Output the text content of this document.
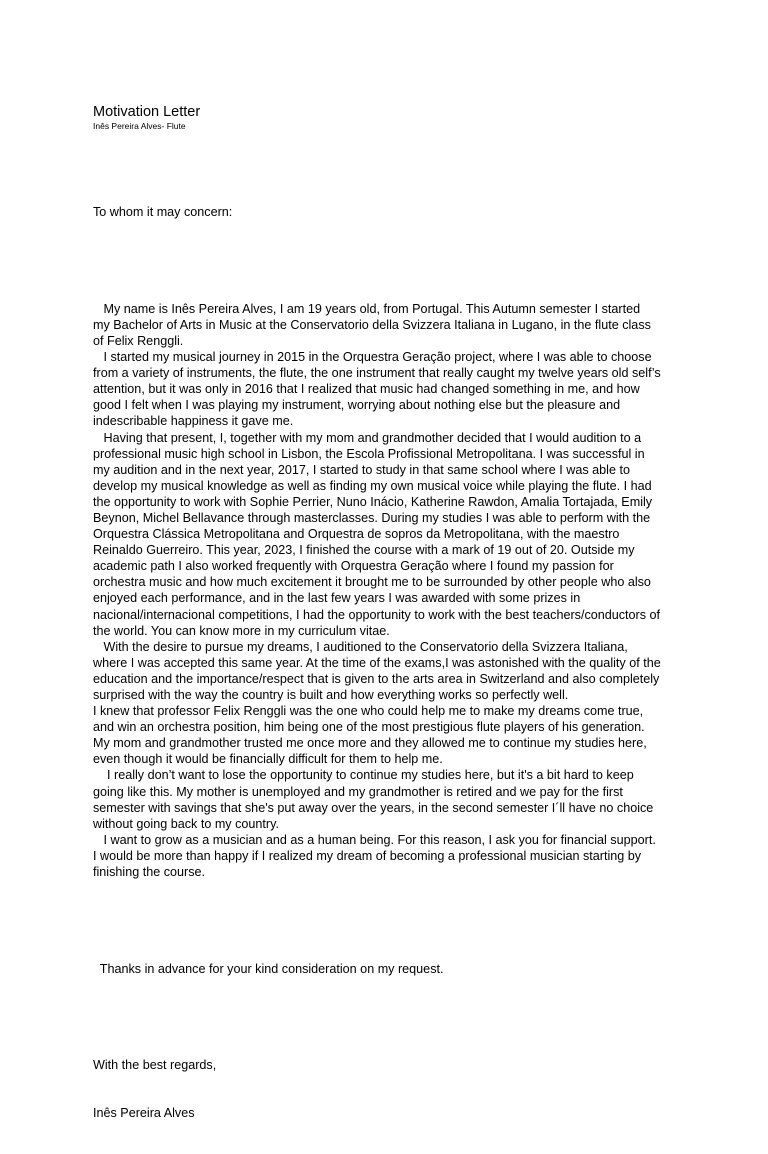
Motivation Letter
Inês Pereira Alves- Flute

To whom it may concern:

My name is Inês Pereira Alves, I am 19 years old, from Portugal. This Autumn semester I started
my Bachelor of Arts in Music at the Conservatorio della Svizzera Italiana in Lugano, in the flute class
of Felix Renggli.
I started my musical journey in 2015 in the Orquestra Geração project, where I was able to choose
from a variety of instruments, the flute, the one instrument that really caught my twelve years old self’s
attention, but it was only in 2016 that I realized that music had changed something in me, and how
good I felt when I was playing my instrument, worrying about nothing else but the pleasure and
indescribable happiness it gave me.
Having that present, I, together with my mom and grandmother decided that I would audition to a
professional music high school in Lisbon, the Escola Profissional Metropolitana. I was successful in
my audition and in the next year, 2017, I started to study in that same school where I was able to
develop my musical knowledge as well as finding my own musical voice while playing the flute. I had
the opportunity to work with Sophie Perrier, Nuno Inácio, Katherine Rawdon, Amalia Tortajada, Emily
Beynon, Michel Bellavance through masterclasses. During my studies I was able to perform with the
Orquestra Clássica Metropolitana and Orquestra de sopros da Metropolitana, with the maestro
Reinaldo Guerreiro. This year, 2023, I finished the course with a mark of 19 out of 20. Outside my
academic path I also worked frequently with Orquestra Geração where I found my passion for
orchestra music and how much excitement it brought me to be surrounded by other people who also
enjoyed each performance, and in the last few years I was awarded with some prizes in
nacional/internacional competitions, I had the opportunity to work with the best teachers/conductors of
the world. You can know more in my curriculum vitae.
With the desire to pursue my dreams, I auditioned to the Conservatorio della Svizzera Italiana,
where I was accepted this same year. At the time of the exams,I was astonished with the quality of the
education and the importance/respect that is given to the arts area in Switzerland and also completely
surprised with the way the country is built and how everything works so perfectly well.
I knew that professor Felix Renggli was the one who could help me to make my dreams come true,
and win an orchestra position, him being one of the most prestigious flute players of his generation.
My mom and grandmother trusted me once more and they allowed me to continue my studies here,
even though it would be financially difficult for them to help me.
I really don’t want to lose the opportunity to continue my studies here, but it's a bit hard to keep
going like this. My mother is unemployed and my grandmother is retired and we pay for the first
semester with savings that she's put away over the years, in the second semester I´ll have no choice
without going back to my country.
I want to grow as a musician and as a human being. For this reason, I ask you for financial support.
I would be more than happy if I realized my dream of becoming a professional musician starting by
finishing the course.

Thanks in advance for your kind consideration on my request.

With the best regards,

Inês Pereira Alves
